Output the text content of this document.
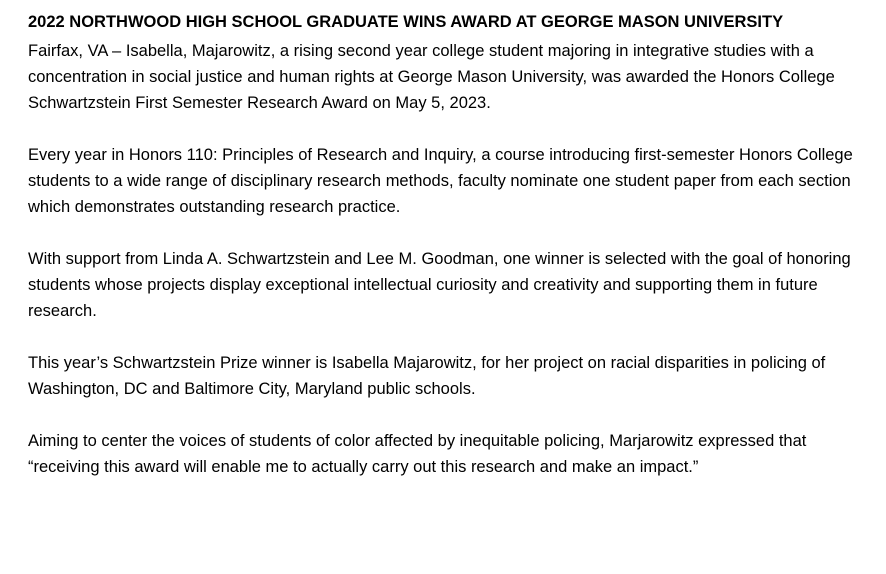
2022 NORTHWOOD HIGH SCHOOL GRADUATE WINS AWARD AT GEORGE MASON UNIVERSITY

Fairfax, VA – Isabella, Majarowitz, a rising second year college student majoring in integrative studies with a concentration in social justice and human rights at George Mason University, was awarded the Honors College Schwartzstein First Semester Research Award on May 5, 2023.

Every year in Honors 110: Principles of Research and Inquiry, a course introducing first-semester Honors College students to a wide range of disciplinary research methods, faculty nominate one student paper from each section which demonstrates outstanding research practice.

With support from Linda A. Schwartzstein and Lee M. Goodman, one winner is selected with the goal of honoring students whose projects display exceptional intellectual curiosity and creativity and supporting them in future research.

This year’s Schwartzstein Prize winner is Isabella Majarowitz, for her project on racial disparities in policing of Washington, DC and Baltimore City, Maryland public schools.

Aiming to center the voices of students of color affected by inequitable policing, Marjarowitz expressed that “receiving this award will enable me to actually carry out this research and make an impact.”
